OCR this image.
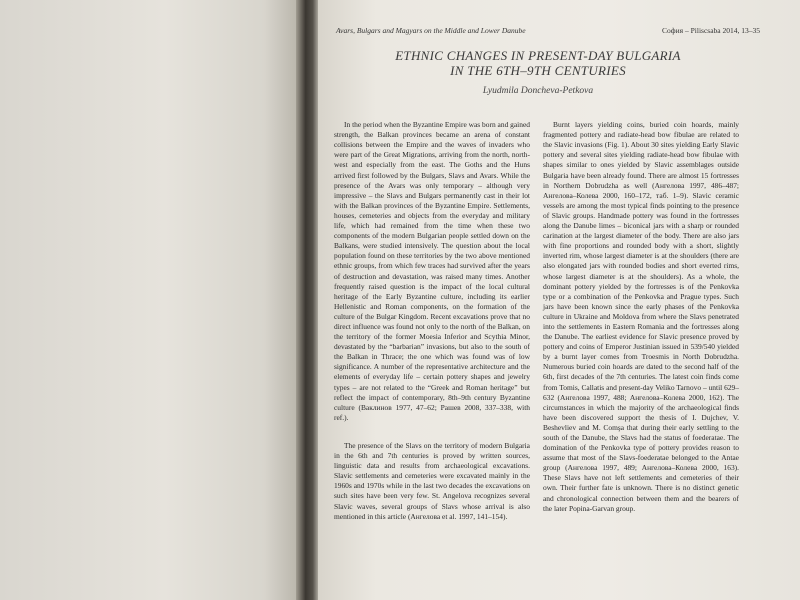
Avars, Bulgars and Magyars on the Middle and Lower Danube	София – Piliscsaba 2014, 13–35
ETHNIC CHANGES IN PRESENT-DAY BULGARIA
IN THE 6TH–9TH CENTURIES
Lyudmila Doncheva-Petkova

In the period when the Byzantine Empire was born and gained strength, the Balkan provinces became an arena of constant collisions between the Empire and the waves of invaders who were part of the Great Migrations, arriving from the north, north-west and especially from the east. The Goths and the Huns arrived first followed by the Bulgars, Slavs and Avars. While the presence of the Avars was only temporary – although very impressive – the Slavs and Bulgars permanently cast in their lot with the Balkan provinces of the Byzantine Empire. Settlements, houses, cemeteries and objects from the everyday and military life, which had remained from the time when these two components of the modern Bulgarian people settled down on the Balkans, were studied intensively. The question about the local population found on these territories by the two above mentioned ethnic groups, from which few traces had survived after the years of destruction and devastation, was raised many times. Another frequently raised question is the impact of the local cultural heritage of the Early Byzantine culture, including its earlier Hellenistic and Roman components, on the formation of the culture of the Bulgar Kingdom. Recent excavations prove that no direct influence was found not only to the north of the Balkan, on the territory of the former Moesia Inferior and Scythia Minor, devastated by the “barbarian” invasions, but also to the south of the Balkan in Thrace; the one which was found was of low significance. A number of the representative architecture and the elements of everyday life – certain pottery shapes and jewelry types – are not related to the “Greek and Roman heritage” but reflect the impact of contemporary, 8th–9th century Byzantine culture (Ваклинов 1977, 47–62; Рашев 2008, 337–338, with ref.).

The presence of the Slavs on the territory of modern Bulgaria in the 6th and 7th centuries is proved by written sources, linguistic data and results from archaeological excavations. Slavic settlements and cemeteries were excavated mainly in the 1960s and 1970s while in the last two decades the excavations on such sites have been very few. St. Angelova recognizes several Slavic waves, several groups of Slavs whose arrival is also mentioned in this article (Ангелова et al. 1997, 141–154).

Burnt layers yielding coins, buried coin hoards, mainly fragmented pottery and radiate-head bow fibulae are related to the Slavic invasions (Fig. 1). About 30 sites yielding Early Slavic pottery and several sites yielding radiate-head bow fibulae with shapes similar to ones yielded by Slavic assemblages outside Bulgaria have been already found. There are almost 15 fortresses in Northern Dobrudzha as well (Ангелова 1997, 486–487; Ангелова–Колева 2000, 160–172, таб. 1–9). Slavic ceramic vessels are among the most typical finds pointing to the presence of Slavic groups. Handmade pottery was found in the fortresses along the Danube limes – biconical jars with a sharp or rounded carination at the largest diameter of the body. There are also jars with fine proportions and rounded body with a short, slightly inverted rim, whose largest diameter is at the shoulders (there are also elongated jars with rounded bodies and short everted rims, whose largest diameter is at the shoulders). As a whole, the dominant pottery yielded by the fortresses is of the Penkovka type or a combination of the Penkovka and Prague types. Such jars have been known since the early phases of the Penkovka culture in Ukraine and Moldova from where the Slavs penetrated into the settlements in Eastern Romania and the fortresses along the Danube. The earliest evidence for Slavic presence proved by pottery and coins of Emperor Justinian issued in 539/540 yielded by a burnt layer comes from Troesmis in North Dobrudzha. Numerous buried coin hoards are dated to the second half of the 6th, first decades of the 7th centuries. The latest coin finds come from Tomis, Callatis and present-day Veliko Tarnovo – until 629–632 (Ангелова 1997, 488; Ангелова–Колева 2000, 162). The circumstances in which the majority of the archaeological finds have been discovered support the thesis of I. Dujchev, V. Beshevliev and M. Comşa that during their early settling to the south of the Danube, the Slavs had the status of foederatae. The domination of the Penkovka type of pottery provides reason to assume that most of the Slavs-foederatae belonged to the Antae group (Ангелова 1997, 489; Ангелова–Колева 2000, 163). These Slavs have not left settlements and cemeteries of their own. Their further fate is unknown. There is no distinct genetic and chronological connection between them and the bearers of the later Popina-Garvan group.
